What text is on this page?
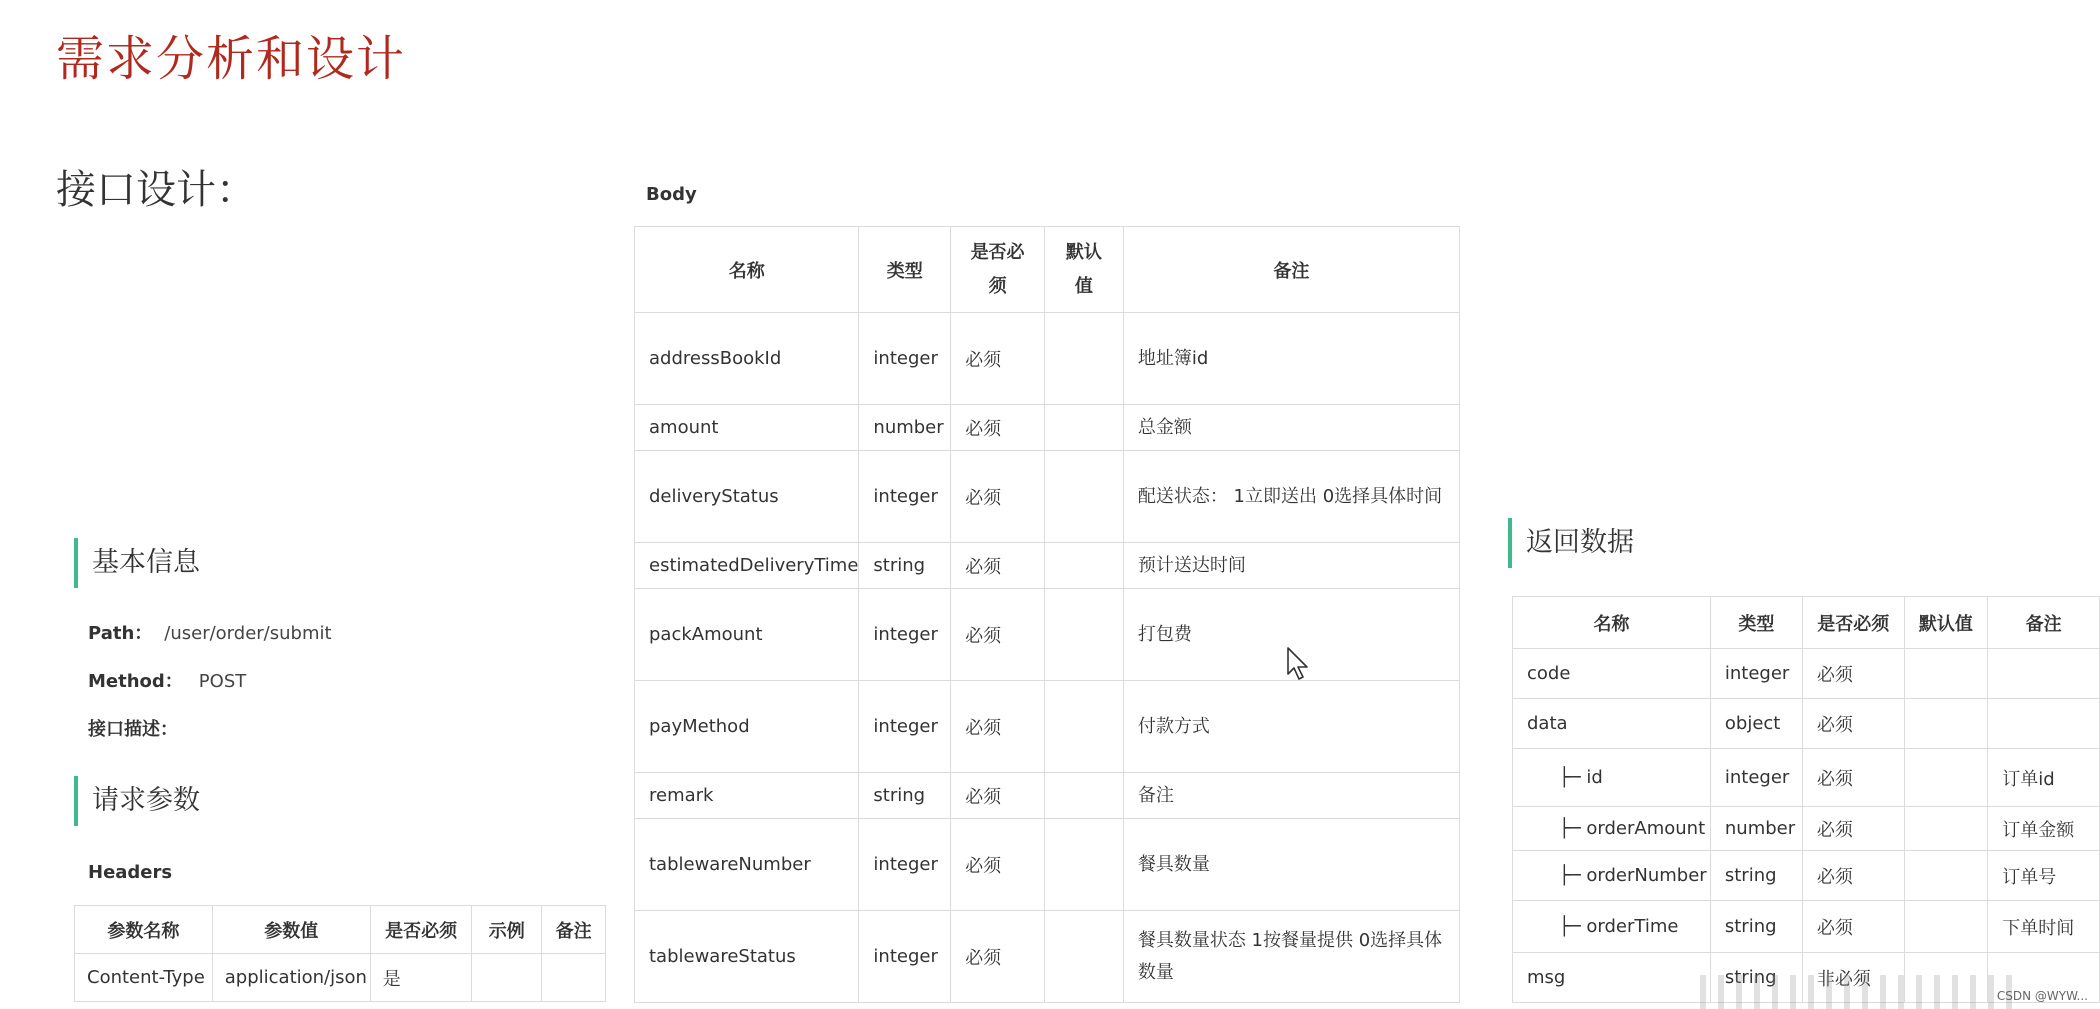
需求分析和设计
接口设计：
基本信息
Path： /user/order/submit
Method： POST
接口描述：
请求参数
Headers
参数名称	参数值	是否必须	示例	备注
Content-Type	application/json	是		
Body
名称	类型	是否必须	默认值	备注
addressBookId	integer	必须		地址簿id
amount	number	必须		总金额
deliveryStatus	integer	必须		配送状态： 1立即送出 0选择具体时间
estimatedDeliveryTime	string	必须		预计送达时间
packAmount	integer	必须		打包费
payMethod	integer	必须		付款方式
remark	string	必须		备注
tablewareNumber	integer	必须		餐具数量
tablewareStatus	integer	必须		餐具数量状态 1按餐量提供 0选择具体数量
返回数据
名称	类型	是否必须	默认值	备注
code	integer	必须		
data	object	必须		
├─ id	integer	必须		订单id
├─ orderAmount	number	必须		订单金额
├─ orderNumber	string	必须		订单号
├─ orderTime	string	必须		下单时间
msg	string	非必须		
CSDN @WYW...
